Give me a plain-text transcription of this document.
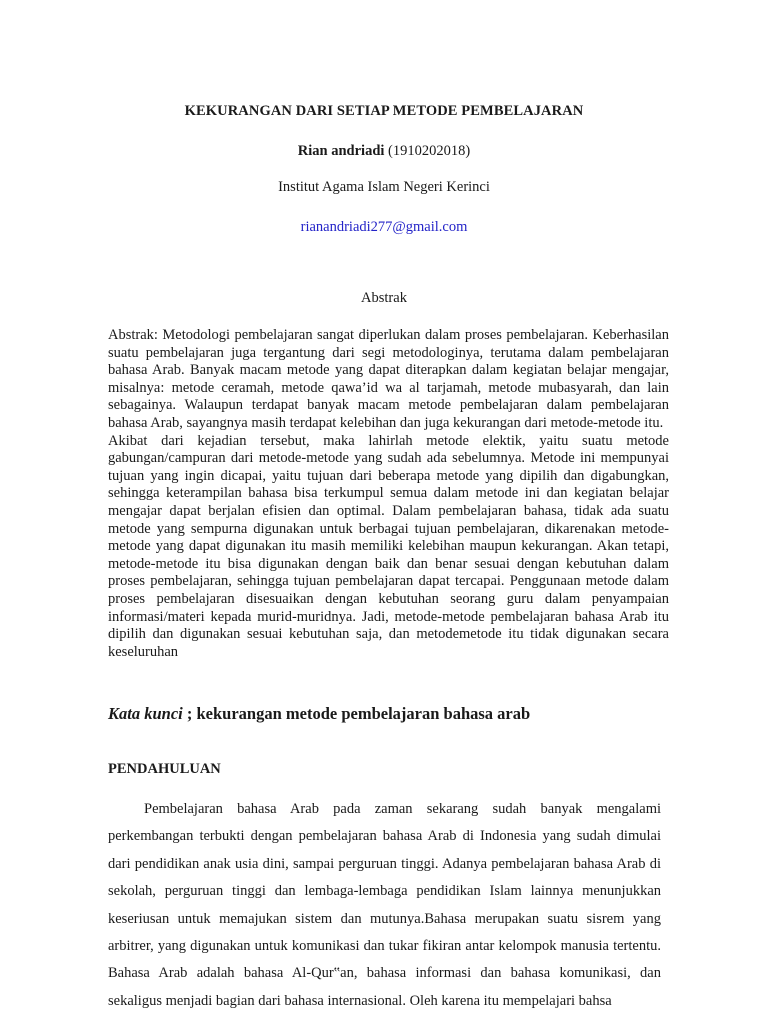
KEKURANGAN DARI SETIAP METODE PEMBELAJARAN
Rian andriadi (1910202018)
Institut Agama Islam Negeri Kerinci
rianandriadi277@gmail.com
Abstrak

Abstrak: Metodologi pembelajaran sangat diperlukan dalam proses pembelajaran. Keberhasilan suatu pembelajaran juga tergantung dari segi metodologinya, terutama dalam pembelajaran bahasa Arab. Banyak macam metode yang dapat diterapkan dalam kegiatan belajar mengajar, misalnya: metode ceramah, metode qawa’id wa al tarjamah, metode mubasyarah, dan lain sebagainya. Walaupun terdapat banyak macam metode pembelajaran dalam pembelajaran bahasa Arab, sayangnya masih terdapat kelebihan dan juga kekurangan dari metode-metode itu.

Akibat dari kejadian tersebut, maka lahirlah metode elektik, yaitu suatu metode gabungan/campuran dari metode-metode yang sudah ada sebelumnya. Metode ini mempunyai tujuan yang ingin dicapai, yaitu tujuan dari beberapa metode yang dipilih dan digabungkan, sehingga keterampilan bahasa bisa terkumpul semua dalam metode ini dan kegiatan belajar mengajar dapat berjalan efisien dan optimal. Dalam pembelajaran bahasa, tidak ada suatu metode yang sempurna digunakan untuk berbagai tujuan pembelajaran, dikarenakan metode-metode yang dapat digunakan itu masih memiliki kelebihan maupun kekurangan. Akan tetapi, metode-metode itu bisa digunakan dengan baik dan benar sesuai dengan kebutuhan dalam proses pembelajaran, sehingga tujuan pembelajaran dapat tercapai. Penggunaan metode dalam proses pembelajaran disesuaikan dengan kebutuhan seorang guru dalam penyampaian informasi/materi kepada murid-muridnya. Jadi, metode-metode pembelajaran bahasa Arab itu dipilih dan digunakan sesuai kebutuhan saja, dan metodemetode itu tidak digunakan secara keseluruhan

Kata kunci ; kekurangan metode pembelajaran bahasa arab
PENDAHULUAN

Pembelajaran bahasa Arab pada zaman sekarang sudah banyak mengalami perkembangan terbukti dengan pembelajaran bahasa Arab di Indonesia yang sudah dimulai dari pendidikan anak usia dini, sampai perguruan tinggi. Adanya pembelajaran bahasa Arab di sekolah, perguruan tinggi dan lembaga-lembaga pendidikan Islam lainnya menunjukkan keseriusan untuk memajukan sistem dan mutunya.Bahasa merupakan suatu sisrem yang arbitrer, yang digunakan untuk komunikasi dan tukar fikiran antar kelompok manusia tertentu. Bahasa Arab adalah bahasa Al-Qur‟an, bahasa informasi dan bahasa komunikasi, dan sekaligus menjadi bagian dari bahasa internasional. Oleh karena itu mempelajari bahsa
